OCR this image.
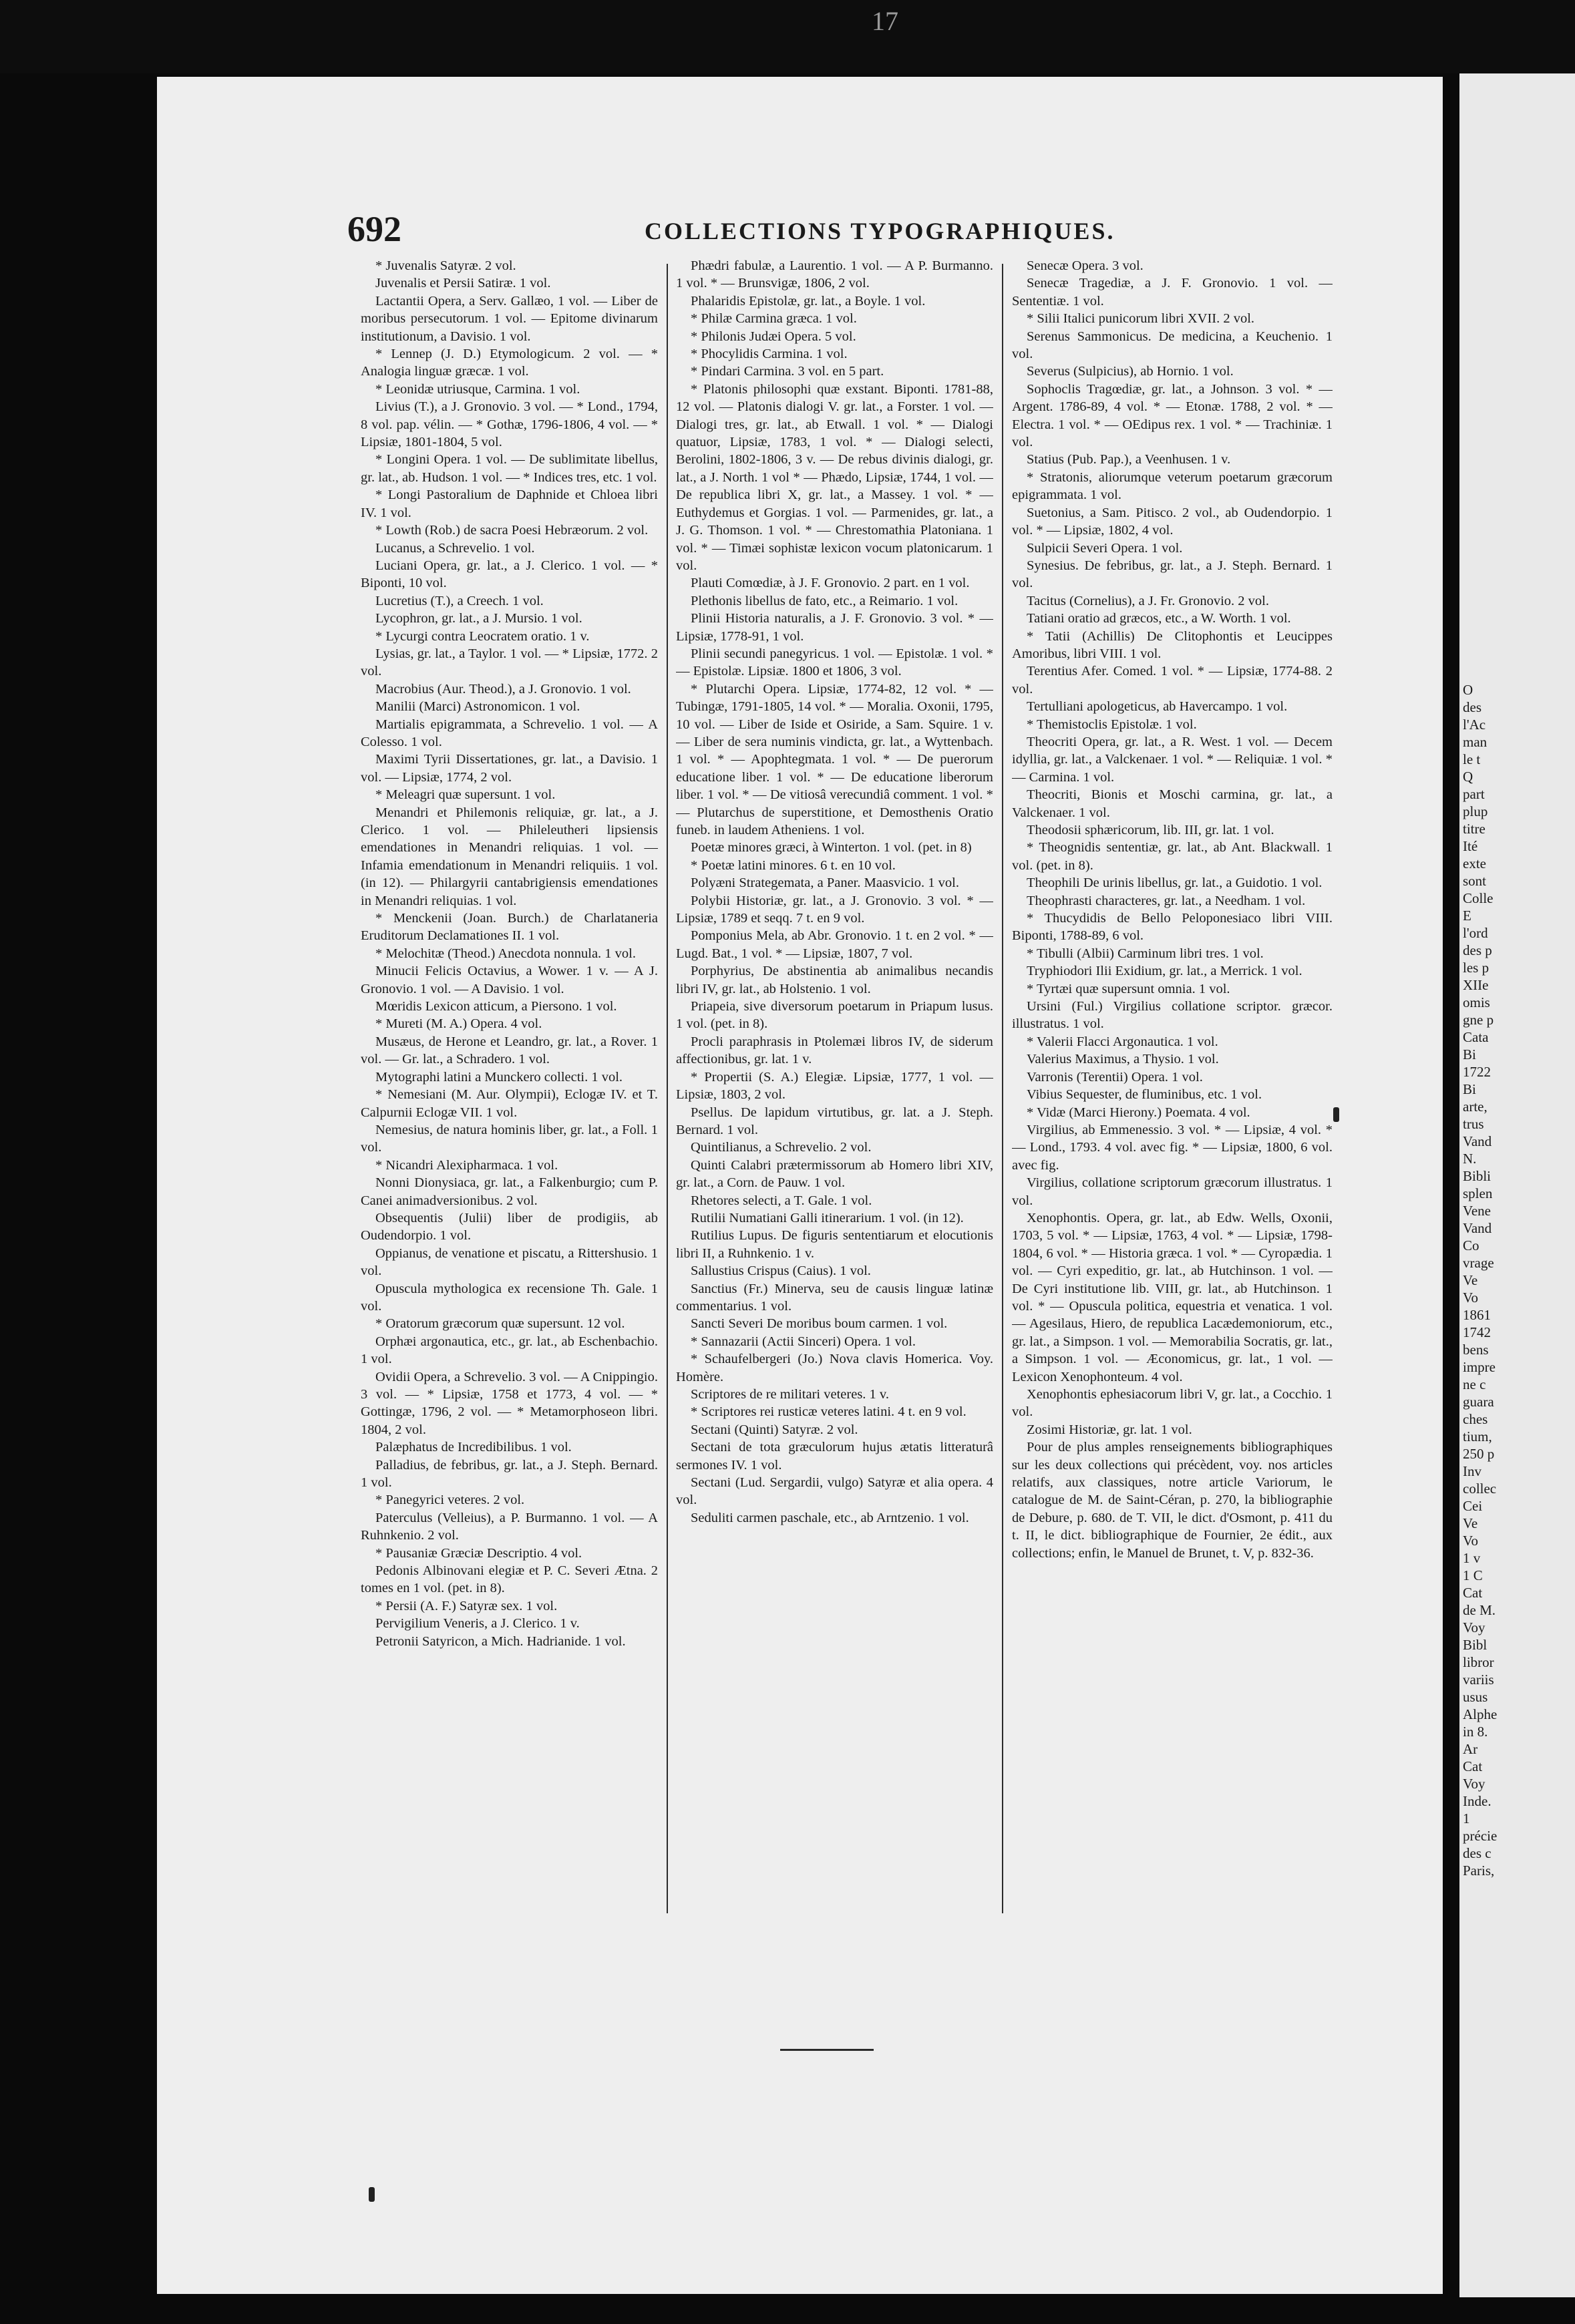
17
692	COLLECTIONS TYPOGRAPHIQUES.

* Juvenalis Satyræ. 2 vol.

Juvenalis et Persii Satiræ. 1 vol.

Lactantii Opera, a Serv. Gallæo, 1 vol. — Liber de moribus persecutorum. 1 vol. — Epitome divinarum institutionum, a Davisio. 1 vol.

* Lennep (J. D.) Etymologicum. 2 vol. — * Analogia linguæ græcæ. 1 vol.

* Leonidæ utriusque, Carmina. 1 vol.

Livius (T.), a J. Gronovio. 3 vol. — * Lond., 1794, 8 vol. pap. vélin. — * Gothæ, 1796-1806, 4 vol. — * Lipsiæ, 1801-1804, 5 vol.

* Longini Opera. 1 vol. — De sublimitate libellus, gr. lat., ab. Hudson. 1 vol. — * Indices tres, etc. 1 vol.

* Longi Pastoralium de Daphnide et Chloea libri IV. 1 vol.

* Lowth (Rob.) de sacra Poesi Hebræorum. 2 vol.

Lucanus, a Schrevelio. 1 vol.

Luciani Opera, gr. lat., a J. Clerico. 1 vol. — * Biponti, 10 vol.

Lucretius (T.), a Creech. 1 vol.

Lycophron, gr. lat., a J. Mursio. 1 vol.

* Lycurgi contra Leocratem oratio. 1 v.

Lysias, gr. lat., a Taylor. 1 vol. — * Lipsiæ, 1772. 2 vol.

Macrobius (Aur. Theod.), a J. Gronovio. 1 vol.

Manilii (Marci) Astronomicon. 1 vol.

Martialis epigrammata, a Schrevelio. 1 vol. — A Colesso. 1 vol.

Maximi Tyrii Dissertationes, gr. lat., a Davisio. 1 vol. — Lipsiæ, 1774, 2 vol.

* Meleagri quæ supersunt. 1 vol.

Menandri et Philemonis reliquiæ, gr. lat., a J. Clerico. 1 vol. — Phileleutheri lipsiensis emendationes in Menandri reliquias. 1 vol. — Infamia emendationum in Menandri reliquiis. 1 vol. (in 12). — Philargyrii cantabrigiensis emendationes in Menandri reliquias. 1 vol.

* Menckenii (Joan. Burch.) de Charlataneria Eruditorum Declamationes II. 1 vol.

* Melochitæ (Theod.) Anecdota nonnula. 1 vol.

Minucii Felicis Octavius, a Wower. 1 v. — A J. Gronovio. 1 vol. — A Davisio. 1 vol.

Mœridis Lexicon atticum, a Piersono. 1 vol.

* Mureti (M. A.) Opera. 4 vol.

Musæus, de Herone et Leandro, gr. lat., a Rover. 1 vol. — Gr. lat., a Schradero. 1 vol.

Mytographi latini a Munckero collecti. 1 vol.

* Nemesiani (M. Aur. Olympii), Eclogæ IV. et T. Calpurnii Eclogæ VII. 1 vol.

Nemesius, de natura hominis liber, gr. lat., a Foll. 1 vol.

* Nicandri Alexipharmaca. 1 vol.

Nonni Dionysiaca, gr. lat., a Falkenburgio; cum P. Canei animadversionibus. 2 vol.

Obsequentis (Julii) liber de prodigiis, ab Oudendorpio. 1 vol.

Oppianus, de venatione et piscatu, a Rittershusio. 1 vol.

Opuscula mythologica ex recensione Th. Gale. 1 vol.

* Oratorum græcorum quæ supersunt. 12 vol.

Orphæi argonautica, etc., gr. lat., ab Eschenbachio. 1 vol.

Ovidii Opera, a Schrevelio. 3 vol. — A Cnippingio. 3 vol. — * Lipsiæ, 1758 et 1773, 4 vol. — * Gottingæ, 1796, 2 vol. — * Metamorphoseon libri. 1804, 2 vol.

Palæphatus de Incredibilibus. 1 vol.

Palladius, de febribus, gr. lat., a J. Steph. Bernard. 1 vol.

* Panegyrici veteres. 2 vol.

Paterculus (Velleius), a P. Burmanno. 1 vol. — A Ruhnkenio. 2 vol.

* Pausaniæ Græciæ Descriptio. 4 vol.

Pedonis Albinovani elegiæ et P. C. Severi Ætna. 2 tomes en 1 vol. (pet. in 8).

* Persii (A. F.) Satyræ sex. 1 vol.

Pervigilium Veneris, a J. Clerico. 1 v.

Petronii Satyricon, a Mich. Hadrianide. 1 vol.

Phædri fabulæ, a Laurentio. 1 vol. — A P. Burmanno. 1 vol. * — Brunsvigæ, 1806, 2 vol.

Phalaridis Epistolæ, gr. lat., a Boyle. 1 vol.

* Philæ Carmina græca. 1 vol.

* Philonis Judæi Opera. 5 vol.

* Phocylidis Carmina. 1 vol.

* Pindari Carmina. 3 vol. en 5 part.

* Platonis philosophi quæ exstant. Biponti. 1781-88, 12 vol. — Platonis dialogi V. gr. lat., a Forster. 1 vol. — Dialogi tres, gr. lat., ab Etwall. 1 vol. * — Dialogi quatuor, Lipsiæ, 1783, 1 vol. * — Dialogi selecti, Berolini, 1802-1806, 3 v. — De rebus divinis dialogi, gr. lat., a J. North. 1 vol * — Phædo, Lipsiæ, 1744, 1 vol. — De republica libri X, gr. lat., a Massey. 1 vol. * — Euthydemus et Gorgias. 1 vol. — Parmenides, gr. lat., a J. G. Thomson. 1 vol. * — Chrestomathia Platoniana. 1 vol. * — Timæi sophistæ lexicon vocum platonicarum. 1 vol.

Plauti Comœdiæ, à J. F. Gronovio. 2 part. en 1 vol.

Plethonis libellus de fato, etc., a Reimario. 1 vol.

Plinii Historia naturalis, a J. F. Gronovio. 3 vol. * — Lipsiæ, 1778-91, 1 vol.

Plinii secundi panegyricus. 1 vol. — Epistolæ. 1 vol. * — Epistolæ. Lipsiæ. 1800 et 1806, 3 vol.

* Plutarchi Opera. Lipsiæ, 1774-82, 12 vol. * — Tubingæ, 1791-1805, 14 vol. * — Moralia. Oxonii, 1795, 10 vol. — Liber de Iside et Osiride, a Sam. Squire. 1 v. — Liber de sera numinis vindicta, gr. lat., a Wyttenbach. 1 vol. * — Apophtegmata. 1 vol. * — De puerorum educatione liber. 1 vol. * — De educatione liberorum liber. 1 vol. * — De vitiosâ verecundiâ comment. 1 vol. * — Plutarchus de superstitione, et Demosthenis Oratio funeb. in laudem Atheniens. 1 vol.

Poetæ minores græci, à Winterton. 1 vol. (pet. in 8)

* Poetæ latini minores. 6 t. en 10 vol.

Polyæni Strategemata, a Paner. Maasvicio. 1 vol.

Polybii Historiæ, gr. lat., a J. Gronovio. 3 vol. * — Lipsiæ, 1789 et seqq. 7 t. en 9 vol.

Pomponius Mela, ab Abr. Gronovio. 1 t. en 2 vol. * — Lugd. Bat., 1 vol. * — Lipsiæ, 1807, 7 vol.

Porphyrius, De abstinentia ab animalibus necandis libri IV, gr. lat., ab Holstenio. 1 vol.

Priapeia, sive diversorum poetarum in Priapum lusus. 1 vol. (pet. in 8).

Procli paraphrasis in Ptolemæi libros IV, de siderum affectionibus, gr. lat. 1 v.

* Propertii (S. A.) Elegiæ. Lipsiæ, 1777, 1 vol. — Lipsiæ, 1803, 2 vol.

Psellus. De lapidum virtutibus, gr. lat. a J. Steph. Bernard. 1 vol.

Quintilianus, a Schrevelio. 2 vol.

Quinti Calabri prætermissorum ab Homero libri XIV, gr. lat., a Corn. de Pauw. 1 vol.

Rhetores selecti, a T. Gale. 1 vol.

Rutilii Numatiani Galli itinerarium. 1 vol. (in 12).

Rutilius Lupus. De figuris sententiarum et elocutionis libri II, a Ruhnkenio. 1 v.

Sallustius Crispus (Caius). 1 vol.

Sanctius (Fr.) Minerva, seu de causis linguæ latinæ commentarius. 1 vol.

Sancti Severi De moribus boum carmen. 1 vol.

* Sannazarii (Actii Sinceri) Opera. 1 vol.

* Schaufelbergeri (Jo.) Nova clavis Homerica. Voy. Homère.

Scriptores de re militari veteres. 1 v.

* Scriptores rei rusticæ veteres latini. 4 t. en 9 vol.

Sectani (Quinti) Satyræ. 2 vol.

Sectani de tota græculorum hujus ætatis litteraturâ sermones IV. 1 vol.

Sectani (Lud. Sergardii, vulgo) Satyræ et alia opera. 4 vol.

Seduliti carmen paschale, etc., ab Arntzenio. 1 vol.

Senecæ Opera. 3 vol.

Senecæ Tragediæ, a J. F. Gronovio. 1 vol. — Sententiæ. 1 vol.

* Silii Italici punicorum libri XVII. 2 vol.

Serenus Sammonicus. De medicina, a Keuchenio. 1 vol.

Severus (Sulpicius), ab Hornio. 1 vol.

Sophoclis Tragœdiæ, gr. lat., a Johnson. 3 vol. * — Argent. 1786-89, 4 vol. * — Etonæ. 1788, 2 vol. * — Electra. 1 vol. * — OEdipus rex. 1 vol. * — Trachiniæ. 1 vol.

Statius (Pub. Pap.), a Veenhusen. 1 v.

* Stratonis, aliorumque veterum poetarum græcorum epigrammata. 1 vol.

Suetonius, a Sam. Pitisco. 2 vol., ab Oudendorpio. 1 vol. * — Lipsiæ, 1802, 4 vol.

Sulpicii Severi Opera. 1 vol.

Synesius. De febribus, gr. lat., a J. Steph. Bernard. 1 vol.

Tacitus (Cornelius), a J. Fr. Gronovio. 2 vol.

Tatiani oratio ad græcos, etc., a W. Worth. 1 vol.

* Tatii (Achillis) De Clitophontis et Leucippes Amoribus, libri VIII. 1 vol.

Terentius Afer. Comed. 1 vol. * — Lipsiæ, 1774-88. 2 vol.

Tertulliani apologeticus, ab Havercampo. 1 vol.

* Themistoclis Epistolæ. 1 vol.

Theocriti Opera, gr. lat., a R. West. 1 vol. — Decem idyllia, gr. lat., a Valckenaer. 1 vol. * — Reliquiæ. 1 vol. * — Carmina. 1 vol.

Theocriti, Bionis et Moschi carmina, gr. lat., a Valckenaer. 1 vol.

Theodosii sphæricorum, lib. III, gr. lat. 1 vol.

* Theognidis sententiæ, gr. lat., ab Ant. Blackwall. 1 vol. (pet. in 8).

Theophili De urinis libellus, gr. lat., a Guidotio. 1 vol.

Theophrasti characteres, gr. lat., a Needham. 1 vol.

* Thucydidis de Bello Peloponesiaco libri VIII. Biponti, 1788-89, 6 vol.

* Tibulli (Albii) Carminum libri tres. 1 vol.

Tryphiodori Ilii Exidium, gr. lat., a Merrick. 1 vol.

* Tyrtæi quæ supersunt omnia. 1 vol.

Ursini (Ful.) Virgilius collatione scriptor. græcor. illustratus. 1 vol.

* Valerii Flacci Argonautica. 1 vol.

Valerius Maximus, a Thysio. 1 vol.

Varronis (Terentii) Opera. 1 vol.

Vibius Sequester, de fluminibus, etc. 1 vol.

* Vidæ (Marci Hierony.) Poemata. 4 vol.

Virgilius, ab Emmenessio. 3 vol. * — Lipsiæ, 4 vol. * — Lond., 1793. 4 vol. avec fig. * — Lipsiæ, 1800, 6 vol. avec fig.

Virgilius, collatione scriptorum græcorum illustratus. 1 vol.

Xenophontis. Opera, gr. lat., ab Edw. Wells, Oxonii, 1703, 5 vol. * — Lipsiæ, 1763, 4 vol. * — Lipsiæ, 1798-1804, 6 vol. * — Historia græca. 1 vol. * — Cyropædia. 1 vol. — Cyri expeditio, gr. lat., ab Hutchinson. 1 vol. — De Cyri institutione lib. VIII, gr. lat., ab Hutchinson. 1 vol. * — Opuscula politica, equestria et venatica. 1 vol. — Agesilaus, Hiero, de republica Lacædemoniorum, etc., gr. lat., a Simpson. 1 vol. — Memorabilia Socratis, gr. lat., a Simpson. 1 vol. — Æconomicus, gr. lat., 1 vol. — Lexicon Xenophonteum. 4 vol.

Xenophontis ephesiacorum libri V, gr. lat., a Cocchio. 1 vol.

Zosimi Historiæ, gr. lat. 1 vol.

Pour de plus amples renseignements bibliographiques sur les deux collections qui précèdent, voy. nos articles relatifs, aux classiques, notre article Variorum, le catalogue de M. de Saint-Céran, p. 270, la bibliographie de Debure, p. 680. de T. VII, le dict. d'Osmont, p. 411 du t. II, le dict. bibliographique de Fournier, 2e édit., aux collections; enfin, le Manuel de Brunet, t. V, p. 832-36.

O
des
l'Ac
man
le t
Q
part
plup
titre
Ité
exte
sont
Colle
E
l'ord
des p
les p
XIIe
omis
gne p
Cata
Bi
1722
Bi
arte,
trus
Vand
N.
Bibli
splen
Vene
Vand
Co
vrage
Ve
Vo
1861
1742
bens
impre
ne c
guara
ches
tium,
250 p
Inv
collec
Cei
Ve
Vo
1 v
1 C
Cat
de M.
Voy
Bibl
libror
variis
usus
Alphe
in 8.
Ar
Cat
Voy
Inde.
1
précie
des c
Paris,
